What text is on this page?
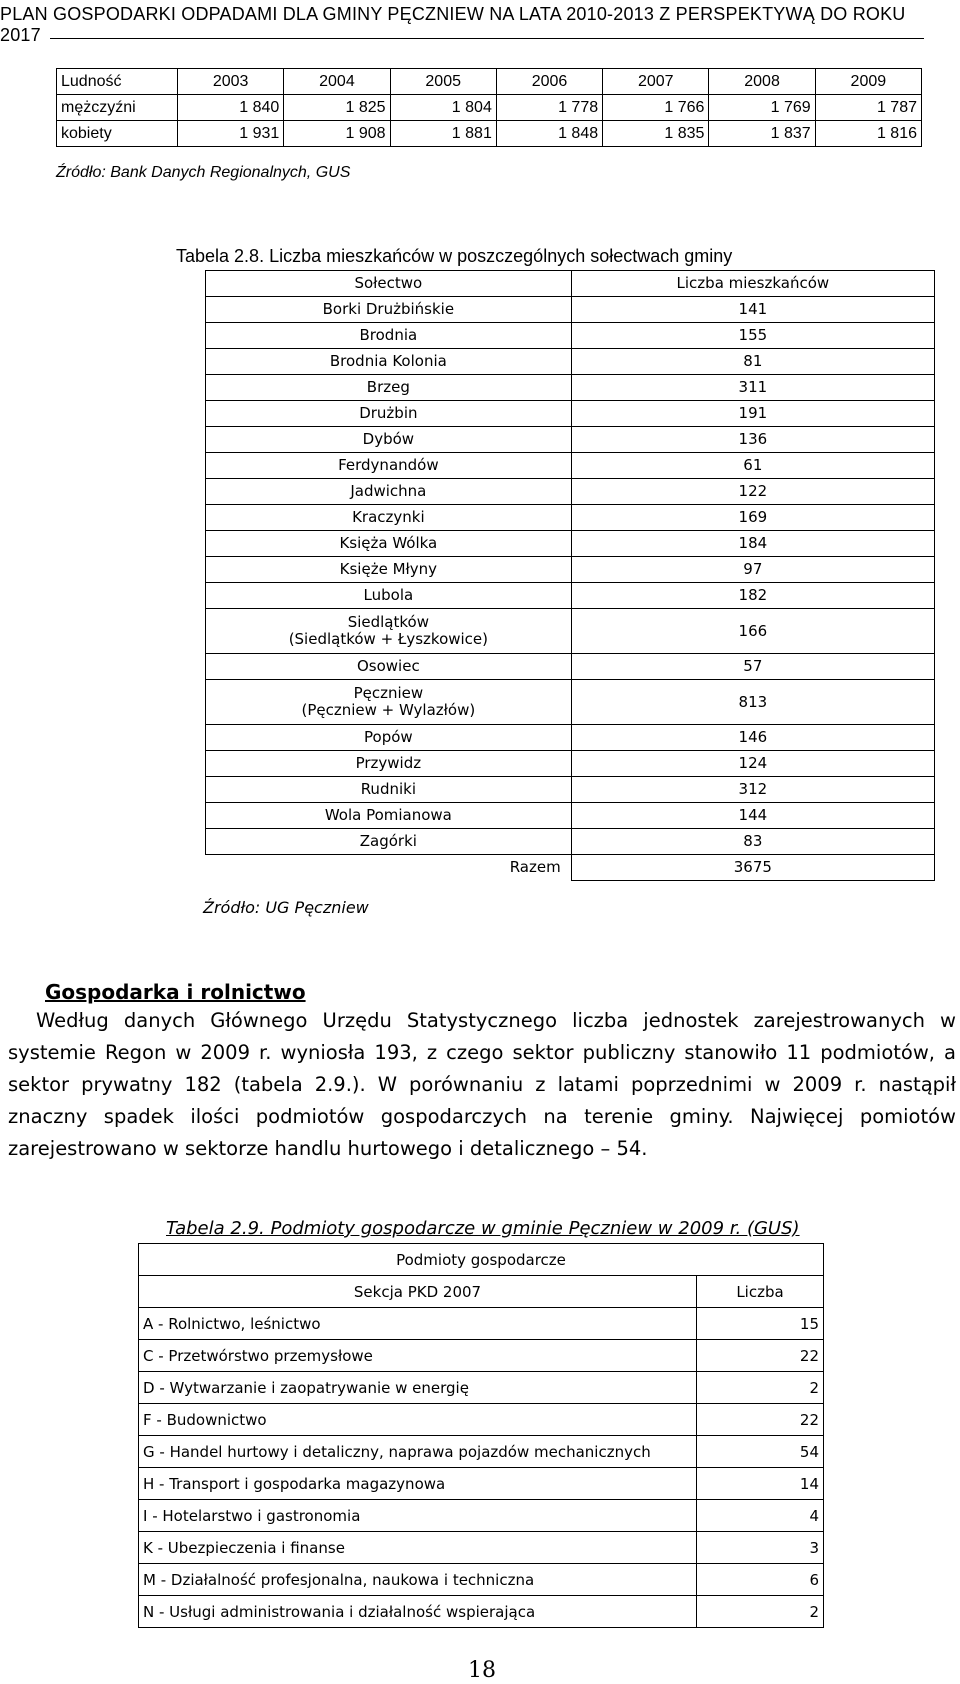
PLAN GOSPODARKI ODPADAMI DLA GMINY PĘCZNIEW NA LATA 2010-2013 Z PERSPEKTYWĄ DO ROKU 2017
Ludność	2003	2004	2005	2006	2007	2008	2009
mężczyźni	1 840	1 825	1 804	1 778	1 766	1 769	1 787
kobiety	1 931	1 908	1 881	1 848	1 835	1 837	1 816
Źródło: Bank Danych Regionalnych, GUS
Tabela 2.8. Liczba mieszkańców w poszczególnych sołectwach gminy
Sołectwo	Liczba mieszkańców

Borki Drużbińskie	141

Brodnia	155

Brodnia Kolonia	81

Brzeg	311

Drużbin	191

Dybów	136

Ferdynandów	61

Jadwichna	122

Kraczynki	169

Księża Wólka	184

Księże Młyny	97

Lubola	182

Siedlątków
(Siedlątków + Łyszkowice)	166

Osowiec	57

Pęczniew
(Pęczniew + Wylazłów)	813

Popów	146

Przywidz	124

Rudniki	312

Wola Pomianowa	144

Zagórki	83
Razem	3675
Źródło: UG Pęczniew
Gospodarka i rolnictwo
Według danych Głównego Urzędu Statystycznego liczba jednostek zarejestrowanych w systemie Regon w 2009 r. wyniosła 193, z czego sektor publiczny stanowiło 11 podmiotów, a sektor prywatny 182 (tabela 2.9.). W porównaniu z latami poprzednimi w 2009 r. nastąpił znaczny spadek ilości podmiotów gospodarczych na terenie gminy. Najwięcej pomiotów zarejestrowano w sektorze handlu hurtowego i detalicznego – 54.
Tabela 2.9. Podmioty gospodarcze w gminie Pęczniew w 2009 r. (GUS)
Podmioty gospodarcze	
Sekcja PKD 2007	Liczba
A - Rolnictwo, leśnictwo	15
C - Przetwórstwo przemysłowe	22
D - Wytwarzanie i zaopatrywanie w energię	2
F - Budownictwo	22
G - Handel hurtowy i detaliczny, naprawa pojazdów mechanicznych	54
H - Transport i gospodarka magazynowa	14
I - Hotelarstwo i gastronomia	4
K - Ubezpieczenia i finanse	3
M - Działalność profesjonalna, naukowa i techniczna	6
N - Usługi administrowania i działalność wspierająca	2
18
